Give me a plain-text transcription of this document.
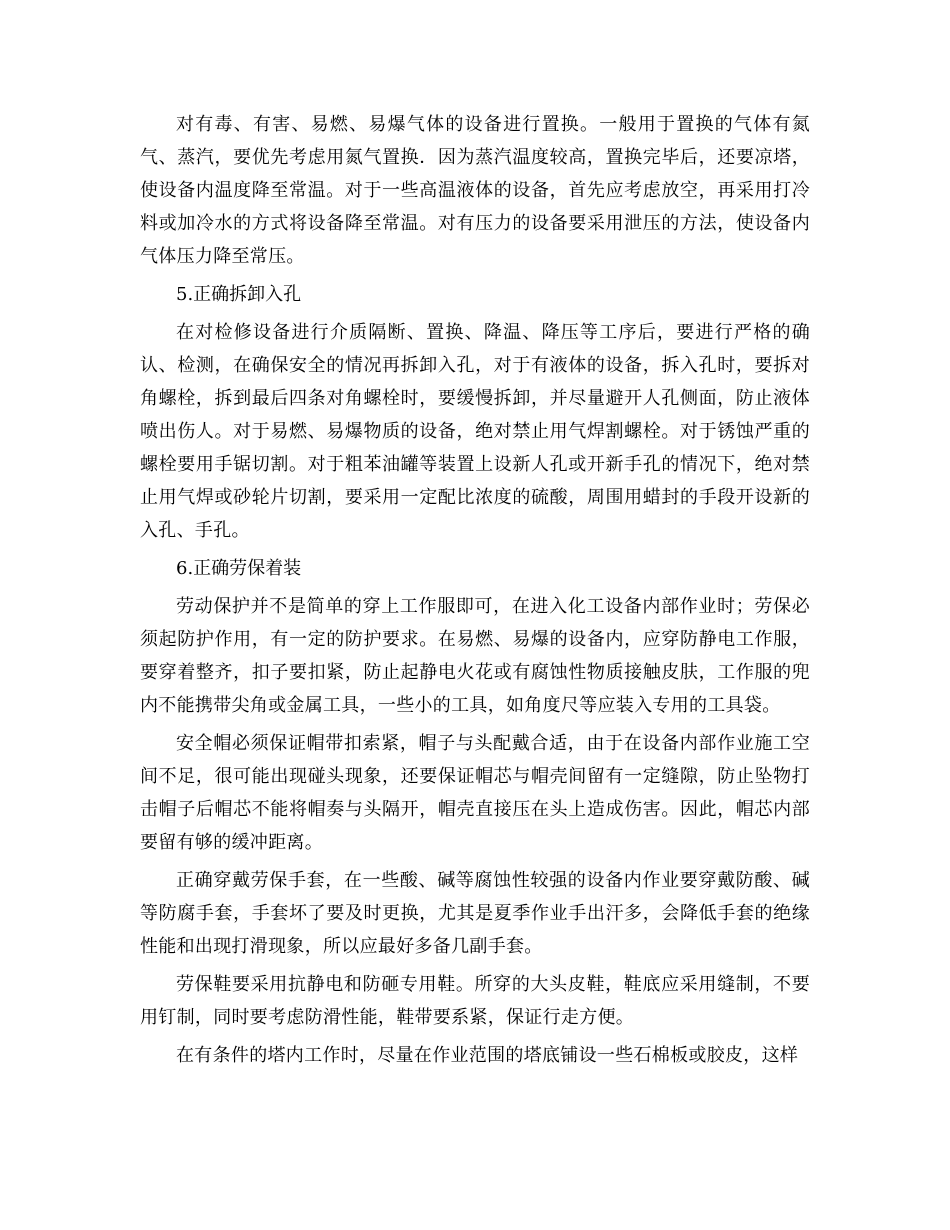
对有毒、有害、易燃、易爆气体的设备进行置换。一般用于置换的气体有氮气、蒸汽，要优先考虑用氮气置换．因为蒸汽温度较高，置换完毕后，还要凉塔，使设备内温度降至常温。对于一些高温液体的设备，首先应考虑放空，再采用打冷料或加冷水的方式将设备降至常温。对有压力的设备要采用泄压的方法，使设备内气体压力降至常压。

5.正确拆卸入孔

在对检修设备进行介质隔断、置换、降温、降压等工序后，要进行严格的确认、检测，在确保安全的情况再拆卸入孔，对于有液体的设备，拆入孔时，要拆对角螺栓，拆到最后四条对角螺栓时，要缓慢拆卸，并尽量避开人孔侧面，防止液体喷出伤人。对于易燃、易爆物质的设备，绝对禁止用气焊割螺栓。对于锈蚀严重的螺栓要用手锯切割。对于粗苯油罐等装置上设新人孔或开新手孔的情况下，绝对禁止用气焊或砂轮片切割，要采用一定配比浓度的硫酸，周围用蜡封的手段开设新的入孔、手孔。

6.正确劳保着装

劳动保护并不是简单的穿上工作服即可，在进入化工设备内部作业时；劳保必须起防护作用，有一定的防护要求。在易燃、易爆的设备内，应穿防静电工作服，要穿着整齐，扣子要扣紧，防止起静电火花或有腐蚀性物质接触皮肤，工作服的兜内不能携带尖角或金属工具，一些小的工具，如角度尺等应装入专用的工具袋。

安全帽必须保证帽带扣索紧，帽子与头配戴合适，由于在设备内部作业施工空间不足，很可能出现碰头现象，还要保证帽芯与帽壳间留有一定缝隙，防止坠物打击帽子后帽芯不能将帽奏与头隔开，帽壳直接压在头上造成伤害。因此，帽芯内部要留有够的缓冲距离。

正确穿戴劳保手套，在一些酸、碱等腐蚀性较强的设备内作业要穿戴防酸、碱等防腐手套，手套坏了要及时更换，尤其是夏季作业手出汗多，会降低手套的绝缘性能和出现打滑现象，所以应最好多备几副手套。

劳保鞋要采用抗静电和防砸专用鞋。所穿的大头皮鞋，鞋底应采用缝制，不要用钉制，同时要考虑防滑性能，鞋带要系紧，保证行走方便。

在有条件的塔内工作时，尽量在作业范围的塔底铺设一些石棉板或胶皮，这样
